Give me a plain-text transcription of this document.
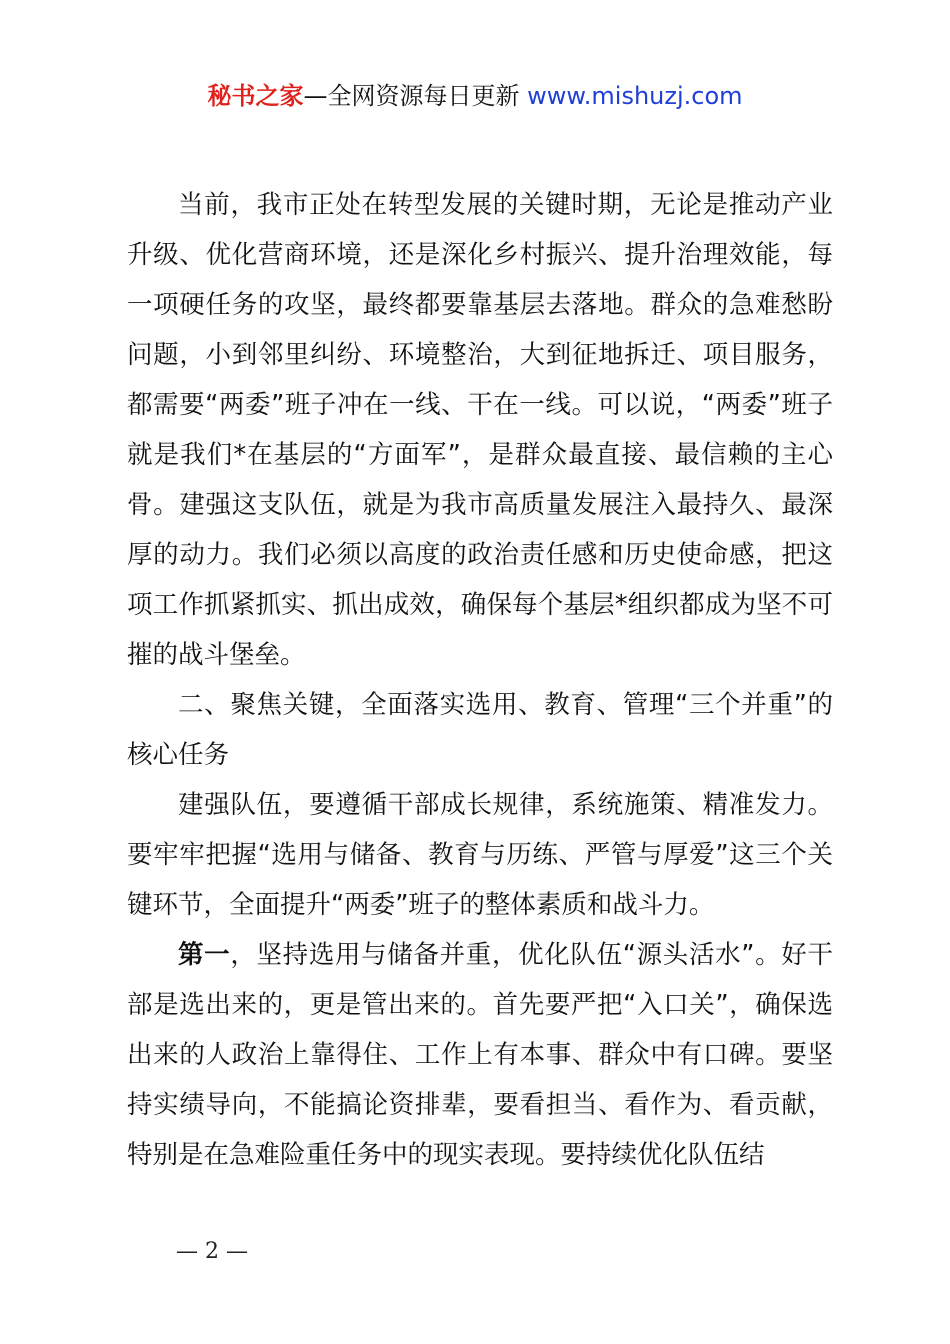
秘书之家—全网资源每日更新 www.mishuzj.com

当前，我市正处在转型发展的关键时期，无论是推动产业升级、优化营商环境，还是深化乡村振兴、提升治理效能，每一项硬任务的攻坚，最终都要靠基层去落地。群众的急难愁盼问题，小到邻里纠纷、环境整治，大到征地拆迁、项目服务，都需要“两委”班子冲在一线、干在一线。可以说，“两委”班子就是我们*在基层的“方面军”，是群众最直接、最信赖的主心骨。建强这支队伍，就是为我市高质量发展注入最持久、最深厚的动力。我们必须以高度的政治责任感和历史使命感，把这项工作抓紧抓实、抓出成效，确保每个基层*组织都成为坚不可摧的战斗堡垒。

二、聚焦关键，全面落实选用、教育、管理“三个并重”的核心任务

建强队伍，要遵循干部成长规律，系统施策、精准发力。要牢牢把握“选用与储备、教育与历练、严管与厚爱”这三个关键环节，全面提升“两委”班子的整体素质和战斗力。

第一，坚持选用与储备并重，优化队伍“源头活水”。好干部是选出来的，更是管出来的。首先要严把“入口关”，确保选出来的人政治上靠得住、工作上有本事、群众中有口碑。要坚持实绩导向，不能搞论资排辈，要看担当、看作为、看贡献，特别是在急难险重任务中的现实表现。要持续优化队伍结

— 2 —
